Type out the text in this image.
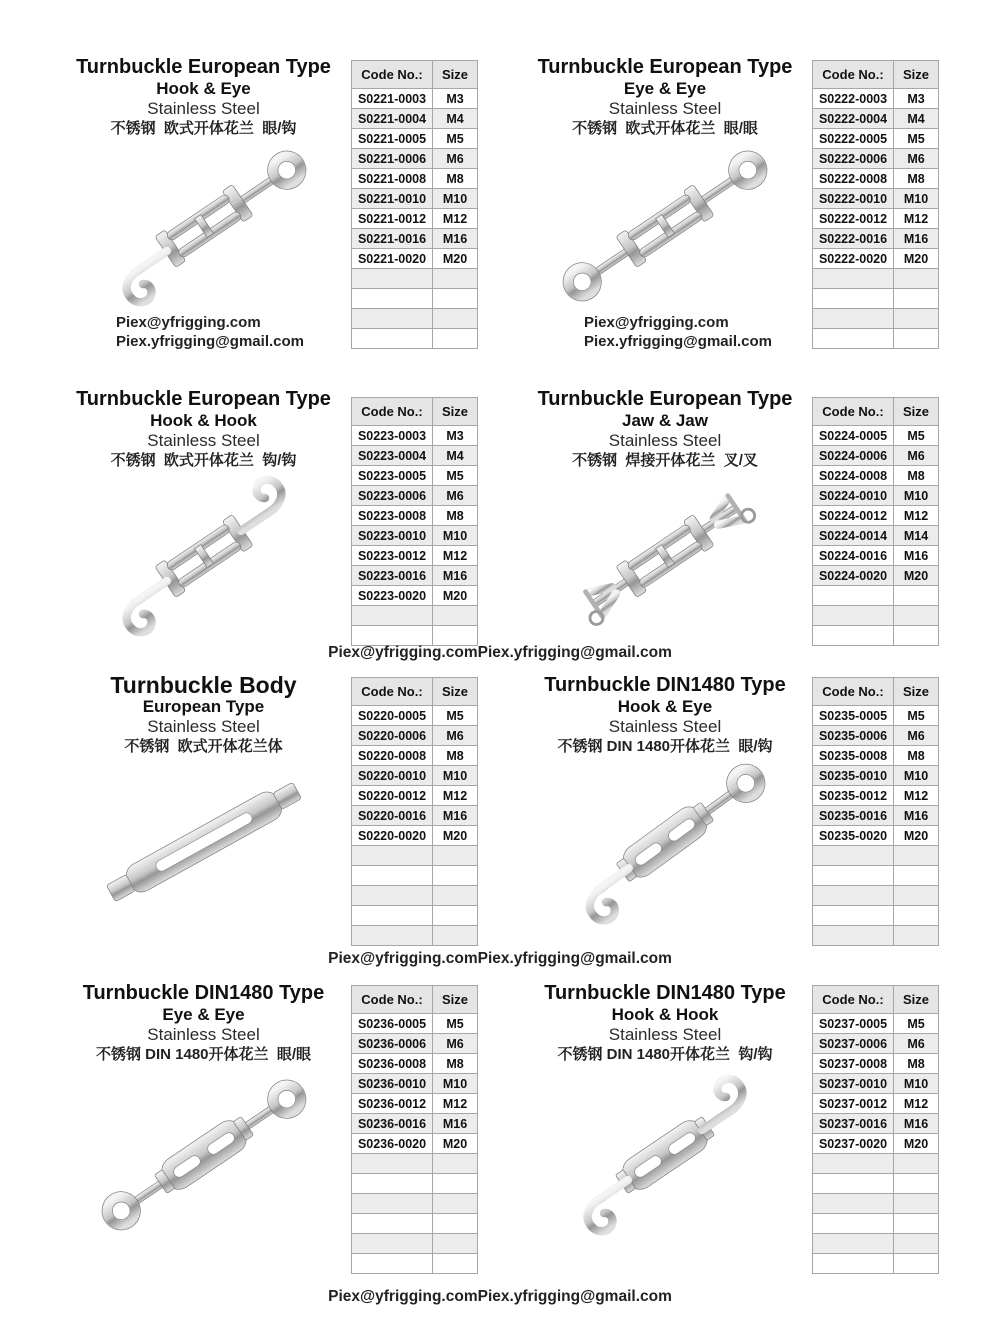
Turnbuckle European Type
Hook & Eye
Stainless Steel
不锈钢  欧式开体花兰  眼/钩
Piex@yfrigging.com
Piex.yfrigging@gmail.com
Code No.:	Size
S0221-0003	M3
S0221-0004	M4
S0221-0005	M5
S0221-0006	M6
S0221-0008	M8
S0221-0010	M10
S0221-0012	M12
S0221-0016	M16
S0221-0020	M20

Turnbuckle European Type
Eye & Eye
Stainless Steel
不锈钢  欧式开体花兰  眼/眼
Piex@yfrigging.com
Piex.yfrigging@gmail.com
Code No.:	Size
S0222-0003	M3
S0222-0004	M4
S0222-0005	M5
S0222-0006	M6
S0222-0008	M8
S0222-0010	M10
S0222-0012	M12
S0222-0016	M16
S0222-0020	M20

Turnbuckle European Type
Hook & Hook
Stainless Steel
不锈钢  欧式开体花兰  钩/钩
Code No.:	Size
S0223-0003	M3
S0223-0004	M4
S0223-0005	M5
S0223-0006	M6
S0223-0008	M8
S0223-0010	M10
S0223-0012	M12
S0223-0016	M16
S0223-0020	M20

Turnbuckle European Type
Jaw & Jaw
Stainless Steel
不锈钢  焊接开体花兰  叉/叉
Code No.:	Size
S0224-0005	M5
S0224-0006	M6
S0224-0008	M8
S0224-0010	M10
S0224-0012	M12
S0224-0014	M14
S0224-0016	M16
S0224-0020	M20

Piex@yfrigging.comPiex.yfrigging@gmail.com
Turnbuckle Body
European Type
Stainless Steel
不锈钢  欧式开体花兰体
Code No.:	Size
S0220-0005	M5
S0220-0006	M6
S0220-0008	M8
S0220-0010	M10
S0220-0012	M12
S0220-0016	M16
S0220-0020	M20

Turnbuckle DIN1480 Type
Hook & Eye
Stainless Steel
不锈钢 DIN 1480开体花兰  眼/钩
Code No.:	Size
S0235-0005	M5
S0235-0006	M6
S0235-0008	M8
S0235-0010	M10
S0235-0012	M12
S0235-0016	M16
S0235-0020	M20

Piex@yfrigging.comPiex.yfrigging@gmail.com
Turnbuckle DIN1480 Type
Eye & Eye
Stainless Steel
不锈钢 DIN 1480开体花兰  眼/眼
Code No.:	Size
S0236-0005	M5
S0236-0006	M6
S0236-0008	M8
S0236-0010	M10
S0236-0012	M12
S0236-0016	M16
S0236-0020	M20

Turnbuckle DIN1480 Type
Hook & Hook
Stainless Steel
不锈钢 DIN 1480开体花兰  钩/钩
Code No.:	Size
S0237-0005	M5
S0237-0006	M6
S0237-0008	M8
S0237-0010	M10
S0237-0012	M12
S0237-0016	M16
S0237-0020	M20

Piex@yfrigging.comPiex.yfrigging@gmail.com
